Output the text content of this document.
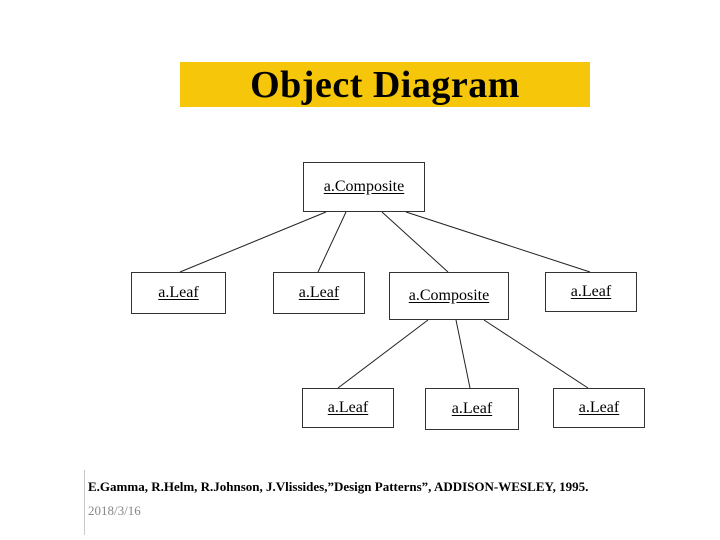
Object Diagram
a.Composite
a.Leaf	a.Leaf	a.Composite	a.Leaf
a.Leaf	a.Leaf	a.Leaf
E.Gamma, R.Helm, R.Johnson, J.Vlissides,”Design Patterns”, ADDISON-WESLEY, 1995.
2018/3/16
